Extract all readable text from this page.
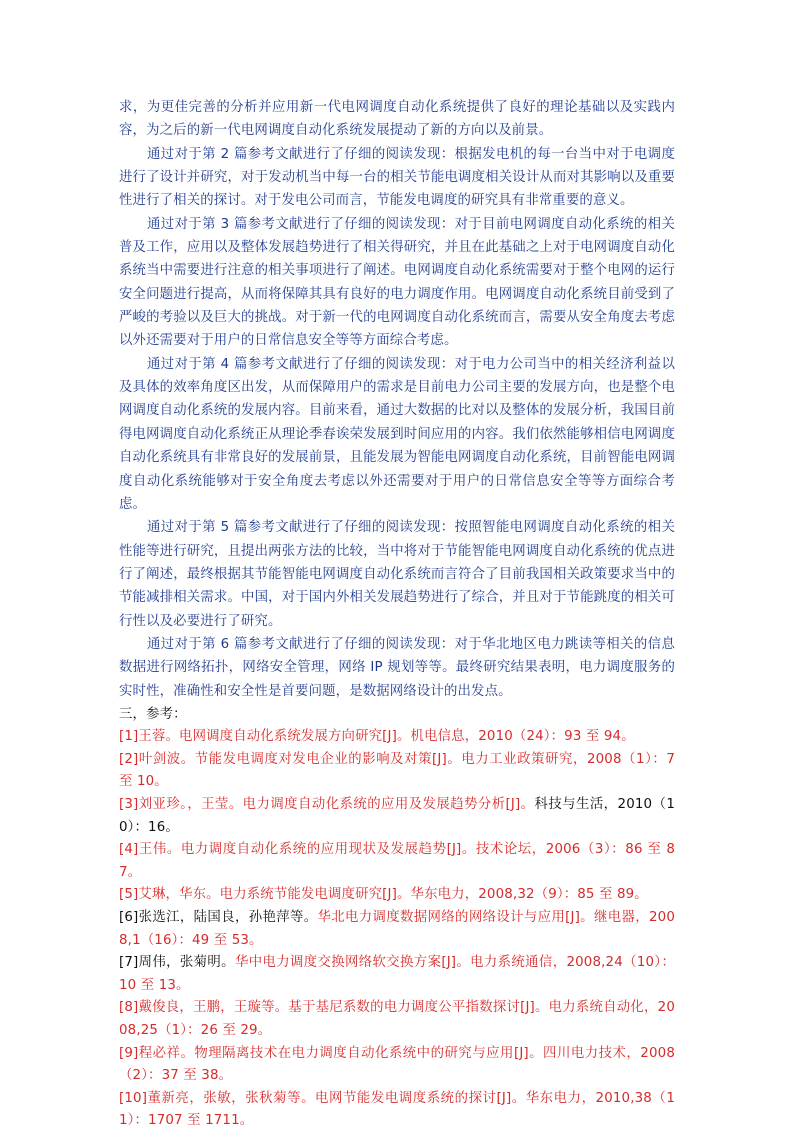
求，为更佳完善的分析并应用新一代电网调度自动化系统提供了良好的理论基础以及实践内容，为之后的新一代电网调度自动化系统发展提动了新的方向以及前景。

通过对于第 2 篇参考文献进行了仔细的阅读发现：根据发电机的每一台当中对于电调度进行了设计并研究，对于发动机当中每一台的相关节能电调度相关设计从而对其影响以及重要性进行了相关的探讨。对于发电公司而言，节能发电调度的研究具有非常重要的意义。

通过对于第 3 篇参考文献进行了仔细的阅读发现：对于目前电网调度自动化系统的相关普及工作，应用以及整体发展趋势进行了相关得研究，并且在此基础之上对于电网调度自动化系统当中需要进行注意的相关事项进行了阐述。电网调度自动化系统需要对于整个电网的运行安全问题进行提高，从而将保障其具有良好的电力调度作用。电网调度自动化系统目前受到了严峻的考验以及巨大的挑战。对于新一代的电网调度自动化系统而言，需要从安全角度去考虑以外还需要对于用户的日常信息安全等等方面综合考虑。

通过对于第 4 篇参考文献进行了仔细的阅读发现：对于电力公司当中的相关经济利益以及具体的效率角度区出发，从而保障用户的需求是目前电力公司主要的发展方向，也是整个电网调度自动化系统的发展内容。目前来看，通过大数据的比对以及整体的发展分析，我国目前得电网调度自动化系统正从理论季春诶荣发展到时间应用的内容。我们依然能够相信电网调度自动化系统具有非常良好的发展前景，且能发展为智能电网调度自动化系统，目前智能电网调度自动化系统能够对于安全角度去考虑以外还需要对于用户的日常信息安全等等方面综合考虑。

通过对于第 5 篇参考文献进行了仔细的阅读发现：按照智能电网调度自动化系统的相关性能等进行研究，且提出两张方法的比较，当中将对于节能智能电网调度自动化系统的优点进行了阐述，最终根据其节能智能电网调度自动化系统而言符合了目前我国相关政策要求当中的节能减排相关需求。中国，对于国内外相关发展趋势进行了综合，并且对于节能跳度的相关可行性以及必要进行了研究。

通过对于第 6 篇参考文献进行了仔细的阅读发现：对于华北地区电力跳读等相关的信息数据进行网络拓扑，网络安全管理，网络 IP 规划等等。最终研究结果表明，电力调度服务的实时性，准确性和安全性是首要问题，是数据网络设计的出发点。

三，参考：

[1]王蓉。电网调度自动化系统发展方向研究[J]。机电信息，2010（24）：93 至 94。

[2]叶剑波。节能发电调度对发电企业的影响及对策[J]。电力工业政策研究，2008（1）：7 至 10。

[3]刘亚珍。，王莹。电力调度自动化系统的应用及发展趋势分析[J]。科技与生活，2010（10）：16。

[4]王伟。电力调度自动化系统的应用现状及发展趋势[J]。技术论坛，2006（3）：86 至 87。

[5]艾琳，华东。电力系统节能发电调度研究[J]。华东电力，2008,32（9）：85 至 89。

[6]张选江，陆国良，孙艳萍等。华北电力调度数据网络的网络设计与应用[J]。继电器，2008,1（16）：49 至 53。

[7]周伟，张菊明。华中电力调度交换网络软交换方案[J]。电力系统通信，2008,24（10）：10 至 13。

[8]戴俊良，王鹏，王璇等。基于基尼系数的电力调度公平指数探讨[J]。电力系统自动化，2008,25（1）：26 至 29。

[9]程必祥。物理隔离技术在电力调度自动化系统中的研究与应用[J]。四川电力技术，2008（2）：37 至 38。

[10]董新亮，张敏，张秋菊等。电网节能发电调度系统的探讨[J]。华东电力，2010,38（11）：1707 至 1711。
